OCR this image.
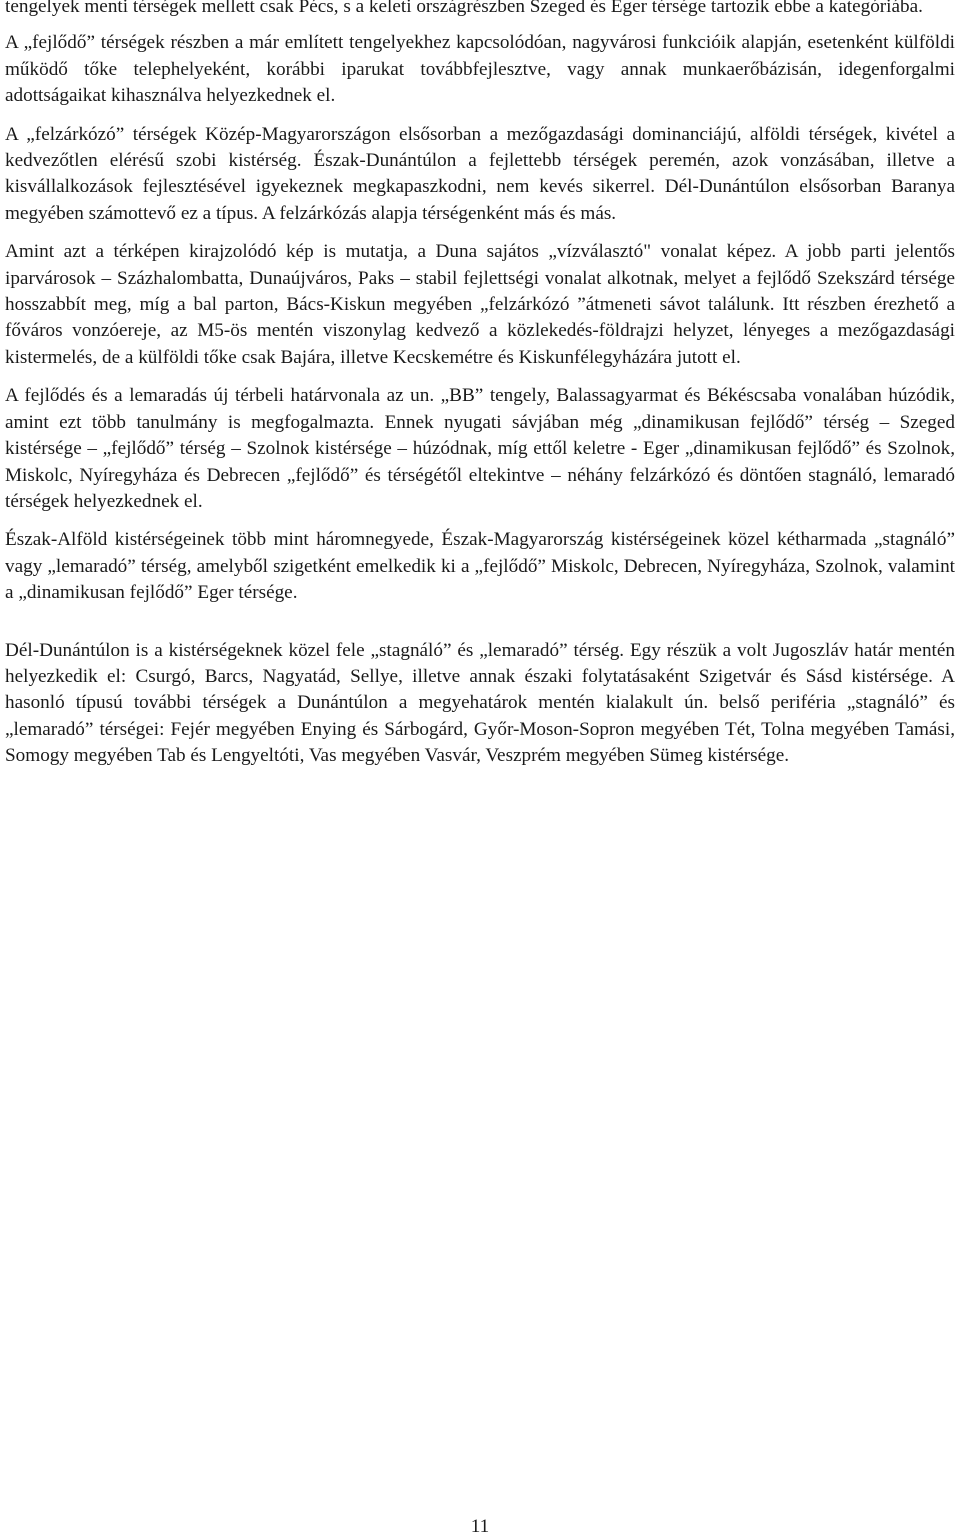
tengelyek menti térségek mellett csak Pécs, s a keleti országrészben Szeged és Eger térsége tartozik ebbe a kategóriába.

A „fejlődő” térségek részben a már említett tengelyekhez kapcsolódóan, nagyvárosi funkcióik alapján, esetenként külföldi működő tőke telephelyeként, korábbi iparukat továbbfejlesztve, vagy annak munkaerőbázisán, idegenforgalmi adottságaikat kihasználva helyezkednek el.

A „felzárkózó” térségek Közép-Magyarországon elsősorban a mezőgazdasági dominanciájú, alföldi térségek, kivétel a kedvezőtlen elérésű szobi kistérség. Észak-Dunántúlon a fejlettebb térségek peremén, azok vonzásában, illetve a kisvállalkozások fejlesztésével igyekeznek megkapaszkodni, nem kevés sikerrel. Dél-Dunántúlon elsősorban Baranya megyében számottevő ez a típus. A felzárkózás alapja térségenként más és más.

Amint azt a térképen kirajzolódó kép is mutatja, a Duna sajátos „vízválasztó" vonalat képez. A jobb parti jelentős iparvárosok – Százhalombatta, Dunaújváros, Paks – stabil fejlettségi vonalat alkotnak, melyet a fejlődő Szekszárd térsége hosszabbít meg, míg a bal parton, Bács-Kiskun megyében „felzárkózó ”átmeneti sávot találunk. Itt részben érezhető a főváros vonzóereje, az M5-ös mentén viszonylag kedvező a közlekedés-földrajzi helyzet, lényeges a mezőgazdasági kistermelés, de a külföldi tőke csak Bajára, illetve Kecskemétre és Kiskunfélegyházára jutott el.

A fejlődés és a lemaradás új térbeli határvonala az un. „BB” tengely, Balassagyarmat és Békéscsaba vonalában húzódik, amint ezt több tanulmány is megfogalmazta. Ennek nyugati sávjában még „dinamikusan fejlődő” térség – Szeged kistérsége – „fejlődő” térség – Szolnok kistérsége – húzódnak, míg ettől keletre - Eger „dinamikusan fejlődő” és Szolnok, Miskolc, Nyíregyháza és Debrecen „fejlődő” és térségétől eltekintve – néhány felzárkózó és döntően stagnáló, lemaradó térségek helyezkednek el.

Észak-Alföld kistérségeinek több mint háromnegyede, Észak-Magyarország kistérségeinek közel kétharmada „stagnáló” vagy „lemaradó” térség, amelyből szigetként emelkedik ki a „fejlődő” Miskolc, Debrecen, Nyíregyháza, Szolnok, valamint a „dinamikusan fejlődő” Eger térsége.

Dél-Dunántúlon is a kistérségeknek közel fele „stagnáló” és „lemaradó” térség. Egy részük a volt Jugoszláv határ mentén helyezkedik el: Csurgó, Barcs, Nagyatád, Sellye, illetve annak északi folytatásaként Szigetvár és Sásd kistérsége. A hasonló típusú további térségek a Dunántúlon a megyehatárok mentén kialakult ún. belső periféria „stagnáló” és „lemaradó” térségei: Fejér megyében Enying és Sárbogárd, Győr-Moson-Sopron megyében Tét, Tolna megyében Tamási, Somogy megyében Tab és Lengyeltóti, Vas megyében Vasvár, Veszprém megyében Sümeg kistérsége.

11
